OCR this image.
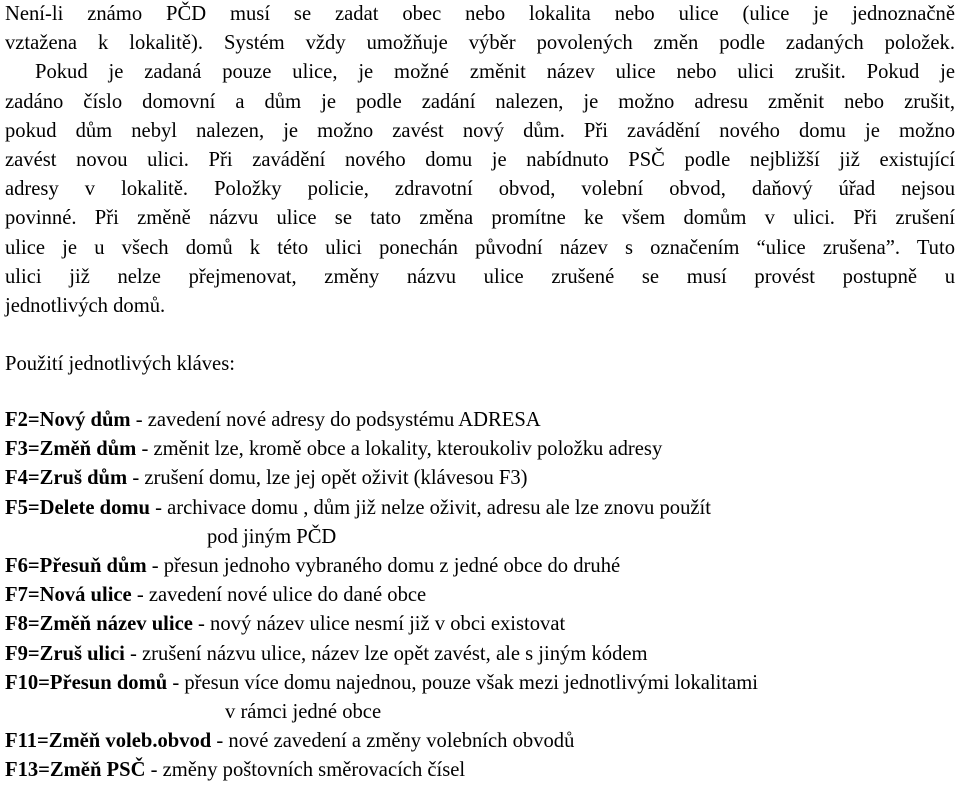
Není-li známo PČD musí se zadat obec nebo lokalita nebo ulice (ulice je jednoznačně
vztažena k lokalitě). Systém vždy umožňuje výběr povolených změn podle zadaných položek.
Pokud je zadaná pouze ulice, je možné změnit název ulice nebo ulici zrušit. Pokud je
zadáno číslo domovní a dům je podle zadání nalezen, je možno adresu změnit nebo zrušit,
pokud dům nebyl nalezen, je možno zavést nový dům. Při zavádění nového domu je možno
zavést novou ulici. Při zavádění nového domu je nabídnuto PSČ podle nejbližší již existující
adresy v lokalitě. Položky policie, zdravotní obvod, volební obvod, daňový úřad nejsou
povinné. Při změně názvu ulice se tato změna promítne ke všem domům v ulici. Při zrušení
ulice je u všech domů k této ulici ponechán původní název s označením “ulice zrušena”. Tuto
ulici již nelze přejmenovat, změny názvu ulice zrušené se musí provést postupně u
jednotlivých domů.

Použití jednotlivých kláves:

F2=Nový dům - zavedení nové adresy do podsystému ADRESA
F3=Změň dům - změnit lze, kromě obce a lokality, kteroukoliv položku adresy
F4=Zruš dům - zrušení domu, lze jej opět oživit (klávesou F3)
F5=Delete domu - archivace domu , dům již nelze oživit, adresu ale lze znovu použít
pod jiným PČD
F6=Přesuň dům - přesun jednoho vybraného domu z jedné obce do druhé
F7=Nová ulice - zavedení nové ulice do dané obce
F8=Změň název ulice - nový název ulice nesmí již v obci existovat
F9=Zruš ulici - zrušení názvu ulice, název lze opět zavést, ale s jiným kódem
F10=Přesun domů - přesun více domu najednou, pouze však mezi jednotlivými lokalitami
v rámci jedné obce
F11=Změň voleb.obvod - nové zavedení a změny volebních obvodů
F13=Změň PSČ - změny poštovních směrovacích čísel
